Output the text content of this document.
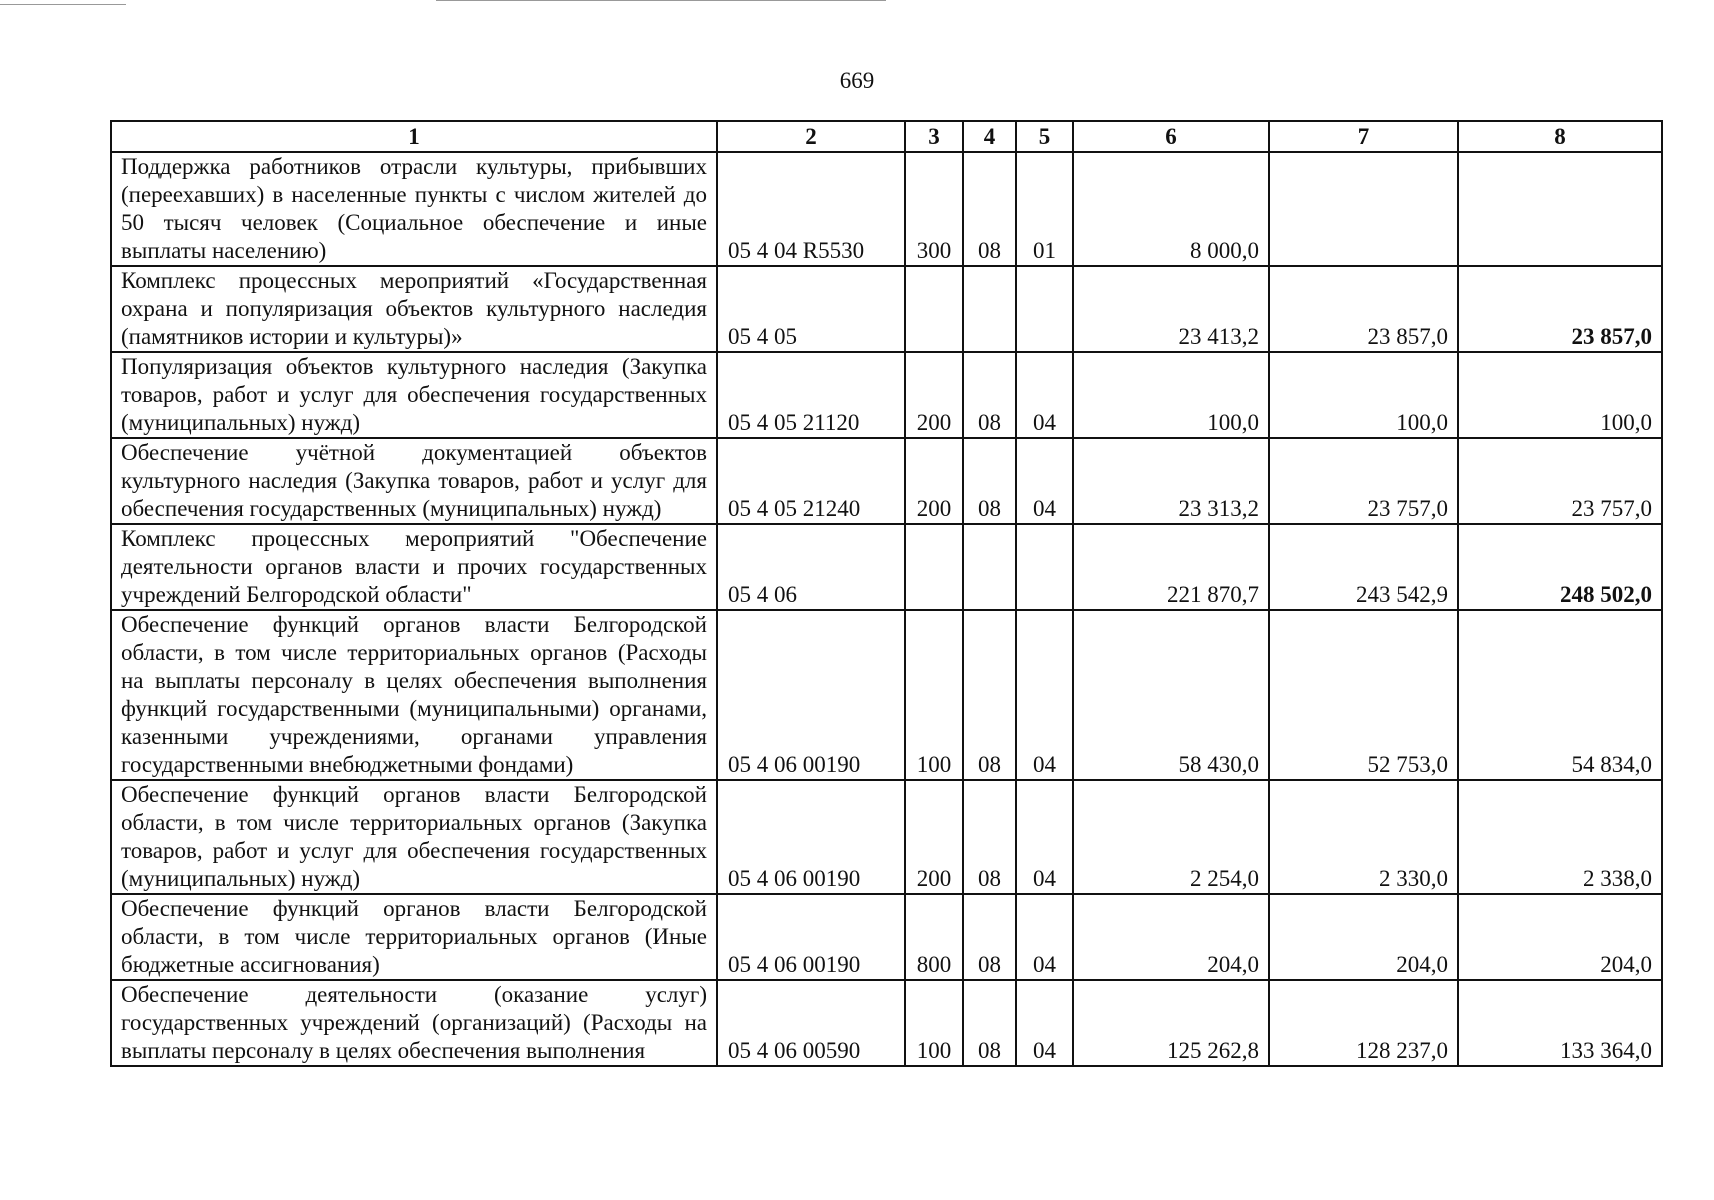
669
1	2	3	4	5	6	7	8
Поддержка работников отрасли культуры, прибывших (переехавших) в населенные пункты с числом жителей до 50 тысяч человек (Социальное обеспечение и иные выплаты населению)	05 4 04 R5530	300	08	01	8 000,0		
Комплекс процессных мероприятий «Государственная охрана и популяризация объектов культурного наследия (памятников истории и культуры)»	05 4 05				23 413,2	23 857,0	23 857,0
Популяризация объектов культурного наследия (Закупка товаров, работ и услуг для обеспечения государственных (муниципальных) нужд)	05 4 05 21120	200	08	04	100,0	100,0	100,0
Обеспечение учётной документацией объектов культурного наследия (Закупка товаров, работ и услуг для обеспечения государственных (муниципальных) нужд)	05 4 05 21240	200	08	04	23 313,2	23 757,0	23 757,0
Комплекс процессных мероприятий "Обеспечение деятельности органов власти и прочих государственных учреждений Белгородской области"	05 4 06				221 870,7	243 542,9	248 502,0
Обеспечение функций органов власти Белгородской области, в том числе территориальных органов (Расходы на выплаты персоналу в целях обеспечения выполнения функций государственными (муниципальными) органами, казенными учреждениями, органами управления государственными внебюджетными фондами)	05 4 06 00190	100	08	04	58 430,0	52 753,0	54 834,0
Обеспечение функций органов власти Белгородской области, в том числе территориальных органов (Закупка товаров, работ и услуг для обеспечения государственных (муниципальных) нужд)	05 4 06 00190	200	08	04	2 254,0	2 330,0	2 338,0
Обеспечение функций органов власти Белгородской области, в том числе территориальных органов (Иные бюджетные ассигнования)	05 4 06 00190	800	08	04	204,0	204,0	204,0
Обеспечение деятельности (оказание услуг) государственных учреждений (организаций) (Расходы на выплаты персоналу в целях обеспечения выполнения	05 4 06 00590	100	08	04	125 262,8	128 237,0	133 364,0
